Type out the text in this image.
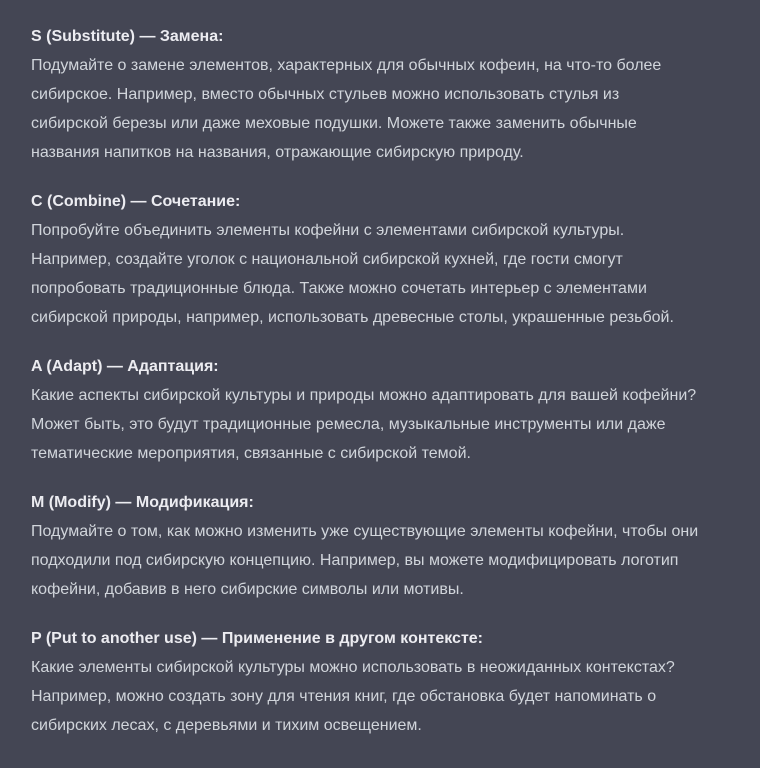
S (Substitute) — Замена:

Подумайте о замене элементов, характерных для обычных кофеин, на что-то более
сибирское. Например, вместо обычных стульев можно использовать стулья из
сибирской березы или даже меховые подушки. Можете также заменить обычные
названия напитков на названия, отражающие сибирскую природу.

C (Combine) — Сочетание:

Попробуйте объединить элементы кофейни с элементами сибирской культуры.
Например, создайте уголок с национальной сибирской кухней, где гости смогут
попробовать традиционные блюда. Также можно сочетать интерьер с элементами
сибирской природы, например, использовать древесные столы, украшенные резьбой.

A (Adapt) — Адаптация:

Какие аспекты сибирской культуры и природы можно адаптировать для вашей кофейни?
Может быть, это будут традиционные ремесла, музыкальные инструменты или даже
тематические мероприятия, связанные с сибирской темой.

M (Modify) — Модификация:

Подумайте о том, как можно изменить уже существующие элементы кофейни, чтобы они
подходили под сибирскую концепцию. Например, вы можете модифицировать логотип
кофейни, добавив в него сибирские символы или мотивы.

P (Put to another use) — Применение в другом контексте:

Какие элементы сибирской культуры можно использовать в неожиданных контекстах?
Например, можно создать зону для чтения книг, где обстановка будет напоминать о
сибирских лесах, с деревьями и тихим освещением.
